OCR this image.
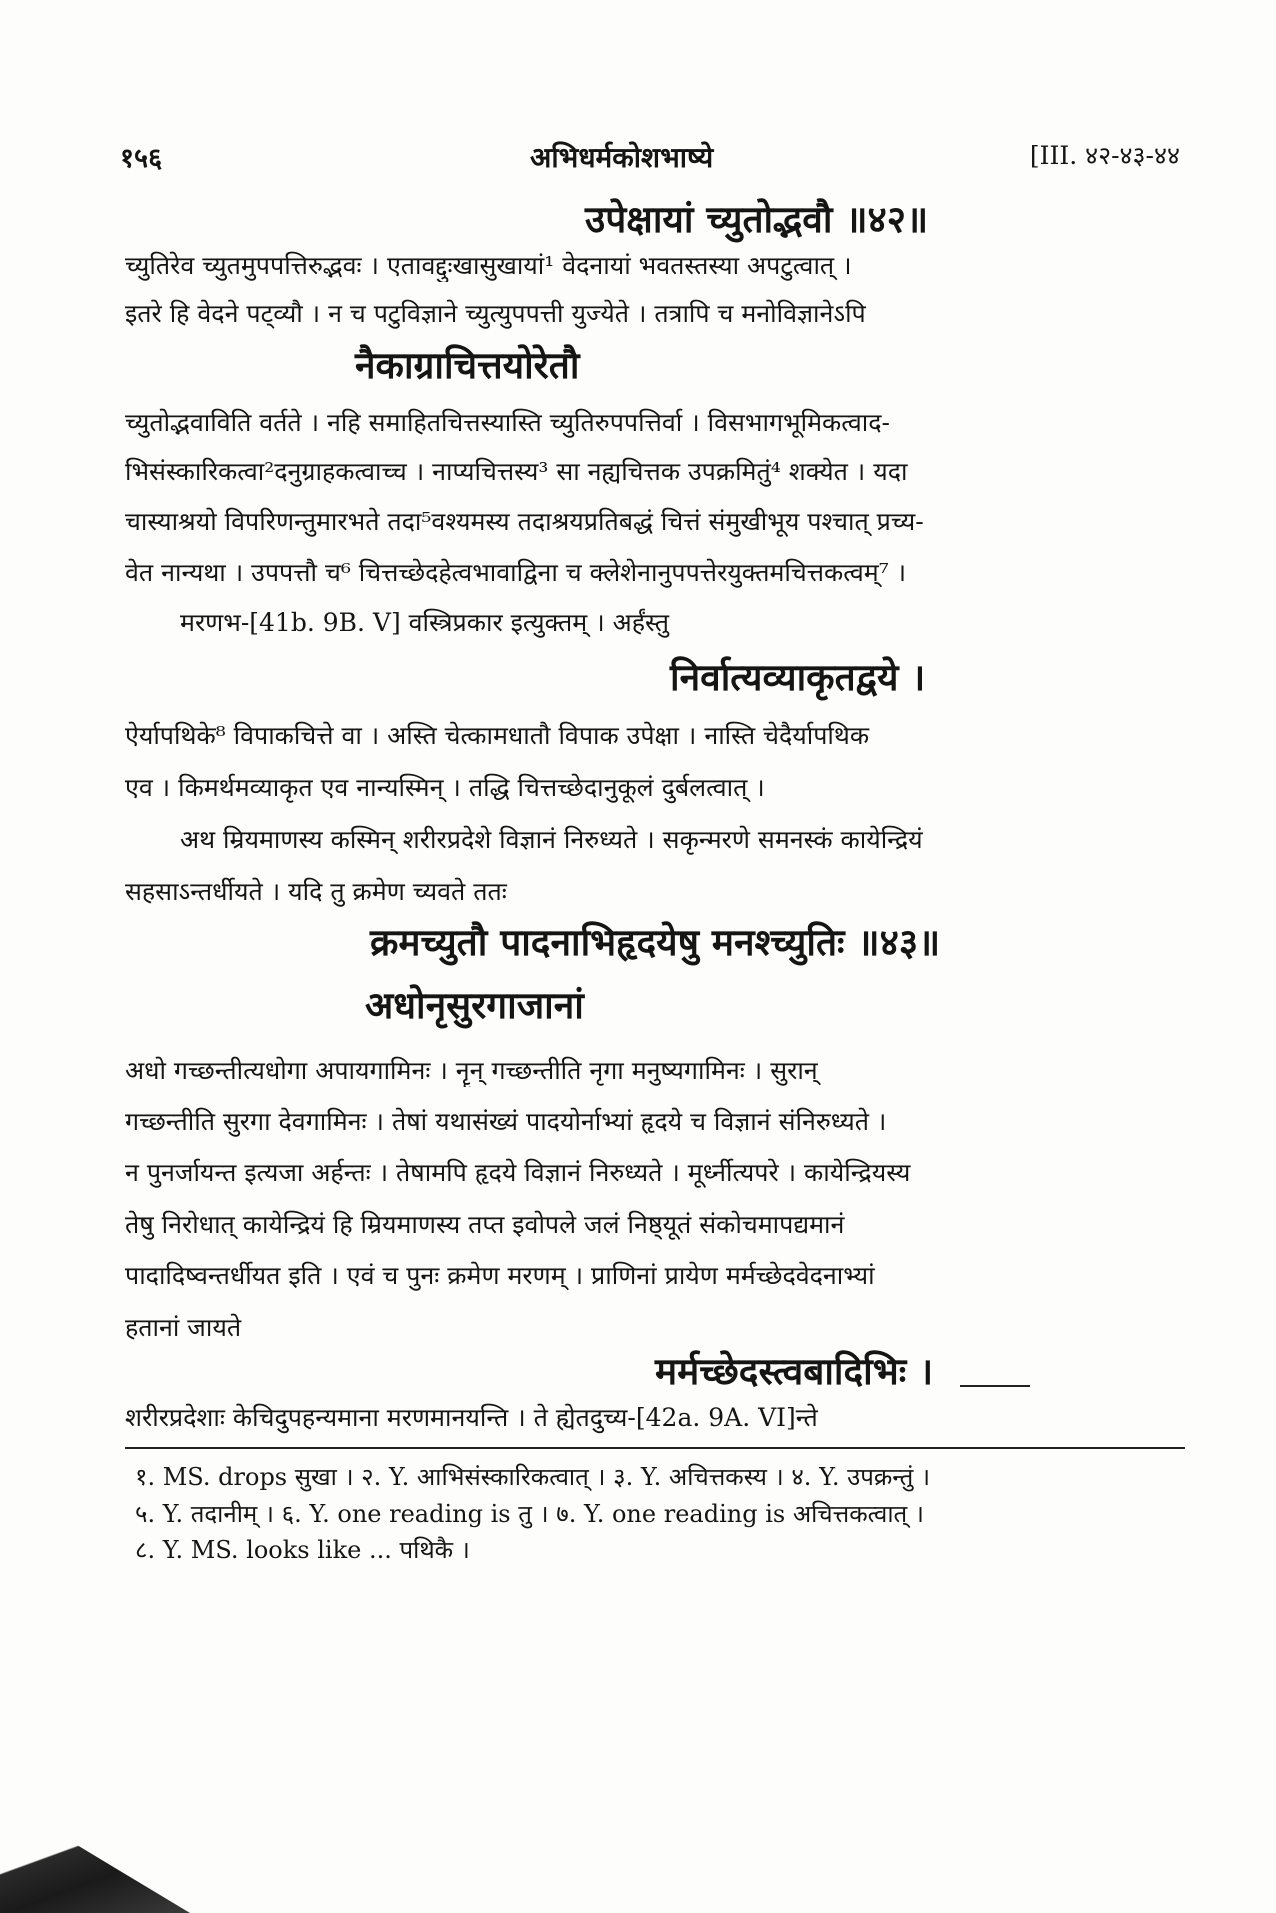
१५६	अभिधर्मकोशभाष्ये	[III. ४२-४३-४४
उपेक्षायां च्युतोद्भवौ ॥४२॥
च्युतिरेव च्युतमुपपत्तिरुद्भवः । एतावद्दुःखासुखायां¹ वेदनायां भवतस्तस्या अपटुत्वात् ।
इतरे हि वेदने पट्व्यौ । न च पटुविज्ञाने च्युत्युपपत्ती युज्येते । तत्रापि च मनोविज्ञानेऽपि
नैकाग्राचित्तयोरेतौ
च्युतोद्भवाविति वर्तते । नहि समाहितचित्तस्यास्ति च्युतिरुपपत्तिर्वा । विसभागभूमिकत्वाद-
भिसंस्कारिकत्वा²दनुग्राहकत्वाच्च । नाप्यचित्तस्य³ सा नह्यचित्तक उपक्रमितुं⁴ शक्येत । यदा
चास्याश्रयो विपरिणन्तुमारभते तदा⁵वश्यमस्य तदाश्रयप्रतिबद्धं चित्तं संमुखीभूय पश्चात् प्रच्य-
वेत नान्यथा । उपपत्तौ च⁶ चित्तच्छेदहेत्वभावाद्विना च क्लेशेनानुपपत्तेरयुक्तमचित्तकत्वम्⁷ ।
मरणभ-[41b. 9B. V] वस्त्रिप्रकार इत्युक्तम् । अर्हंस्तु
निर्वात्यव्याकृतद्वये ।
ऐर्यापथिके⁸ विपाकचित्ते वा । अस्ति चेत्कामधातौ विपाक उपेक्षा । नास्ति चेदैर्यापथिक
एव । किमर्थमव्याकृत एव नान्यस्मिन् । तद्धि चित्तच्छेदानुकूलं दुर्बलत्वात् ।
अथ म्रियमाणस्य कस्मिन् शरीरप्रदेशे विज्ञानं निरुध्यते । सकृन्मरणे समनस्कं कायेन्द्रियं
सहसाऽन्तर्धीयते । यदि तु क्रमेण च्यवते ततः
क्रमच्युतौ पादनाभिहृदयेषु मनश्च्युतिः ॥४३॥
अधोनृसुरगाजानां
अधो गच्छन्तीत्यधोगा अपायगामिनः । नॄन् गच्छन्तीति नृगा मनुष्यगामिनः । सुरान्
गच्छन्तीति सुरगा देवगामिनः । तेषां यथासंख्यं पादयोर्नाभ्यां हृदये च विज्ञानं संनिरुध्यते ।
न पुनर्जायन्त इत्यजा अर्हन्तः । तेषामपि हृदये विज्ञानं निरुध्यते । मूर्ध्नीत्यपरे । कायेन्द्रियस्य
तेषु निरोधात् कायेन्द्रियं हि म्रियमाणस्य तप्त इवोपले जलं निष्ठ्यूतं संकोचमापद्यमानं
पादादिष्वन्तर्धीयत इति । एवं च पुनः क्रमेण मरणम् । प्राणिनां प्रायेण मर्मच्छेदवेदनाभ्यां
हतानां जायते
मर्मच्छेदस्त्वबादिभिः ।
शरीरप्रदेशाः केचिदुपहन्यमाना मरणमानयन्ति । ते ह्येतदुच्य-[42a. 9A. VI]न्ते
१. MS. drops सुखा । २. Y. आभिसंस्कारिकत्वात् । ३. Y. अचित्तकस्य । ४. Y. उपक्रन्तुं ।
५. Y. तदानीम् । ६. Y. one reading is तु । ७. Y. one reading is अचित्तकत्वात् ।
८. Y. MS. looks like ... पथिकै ।
